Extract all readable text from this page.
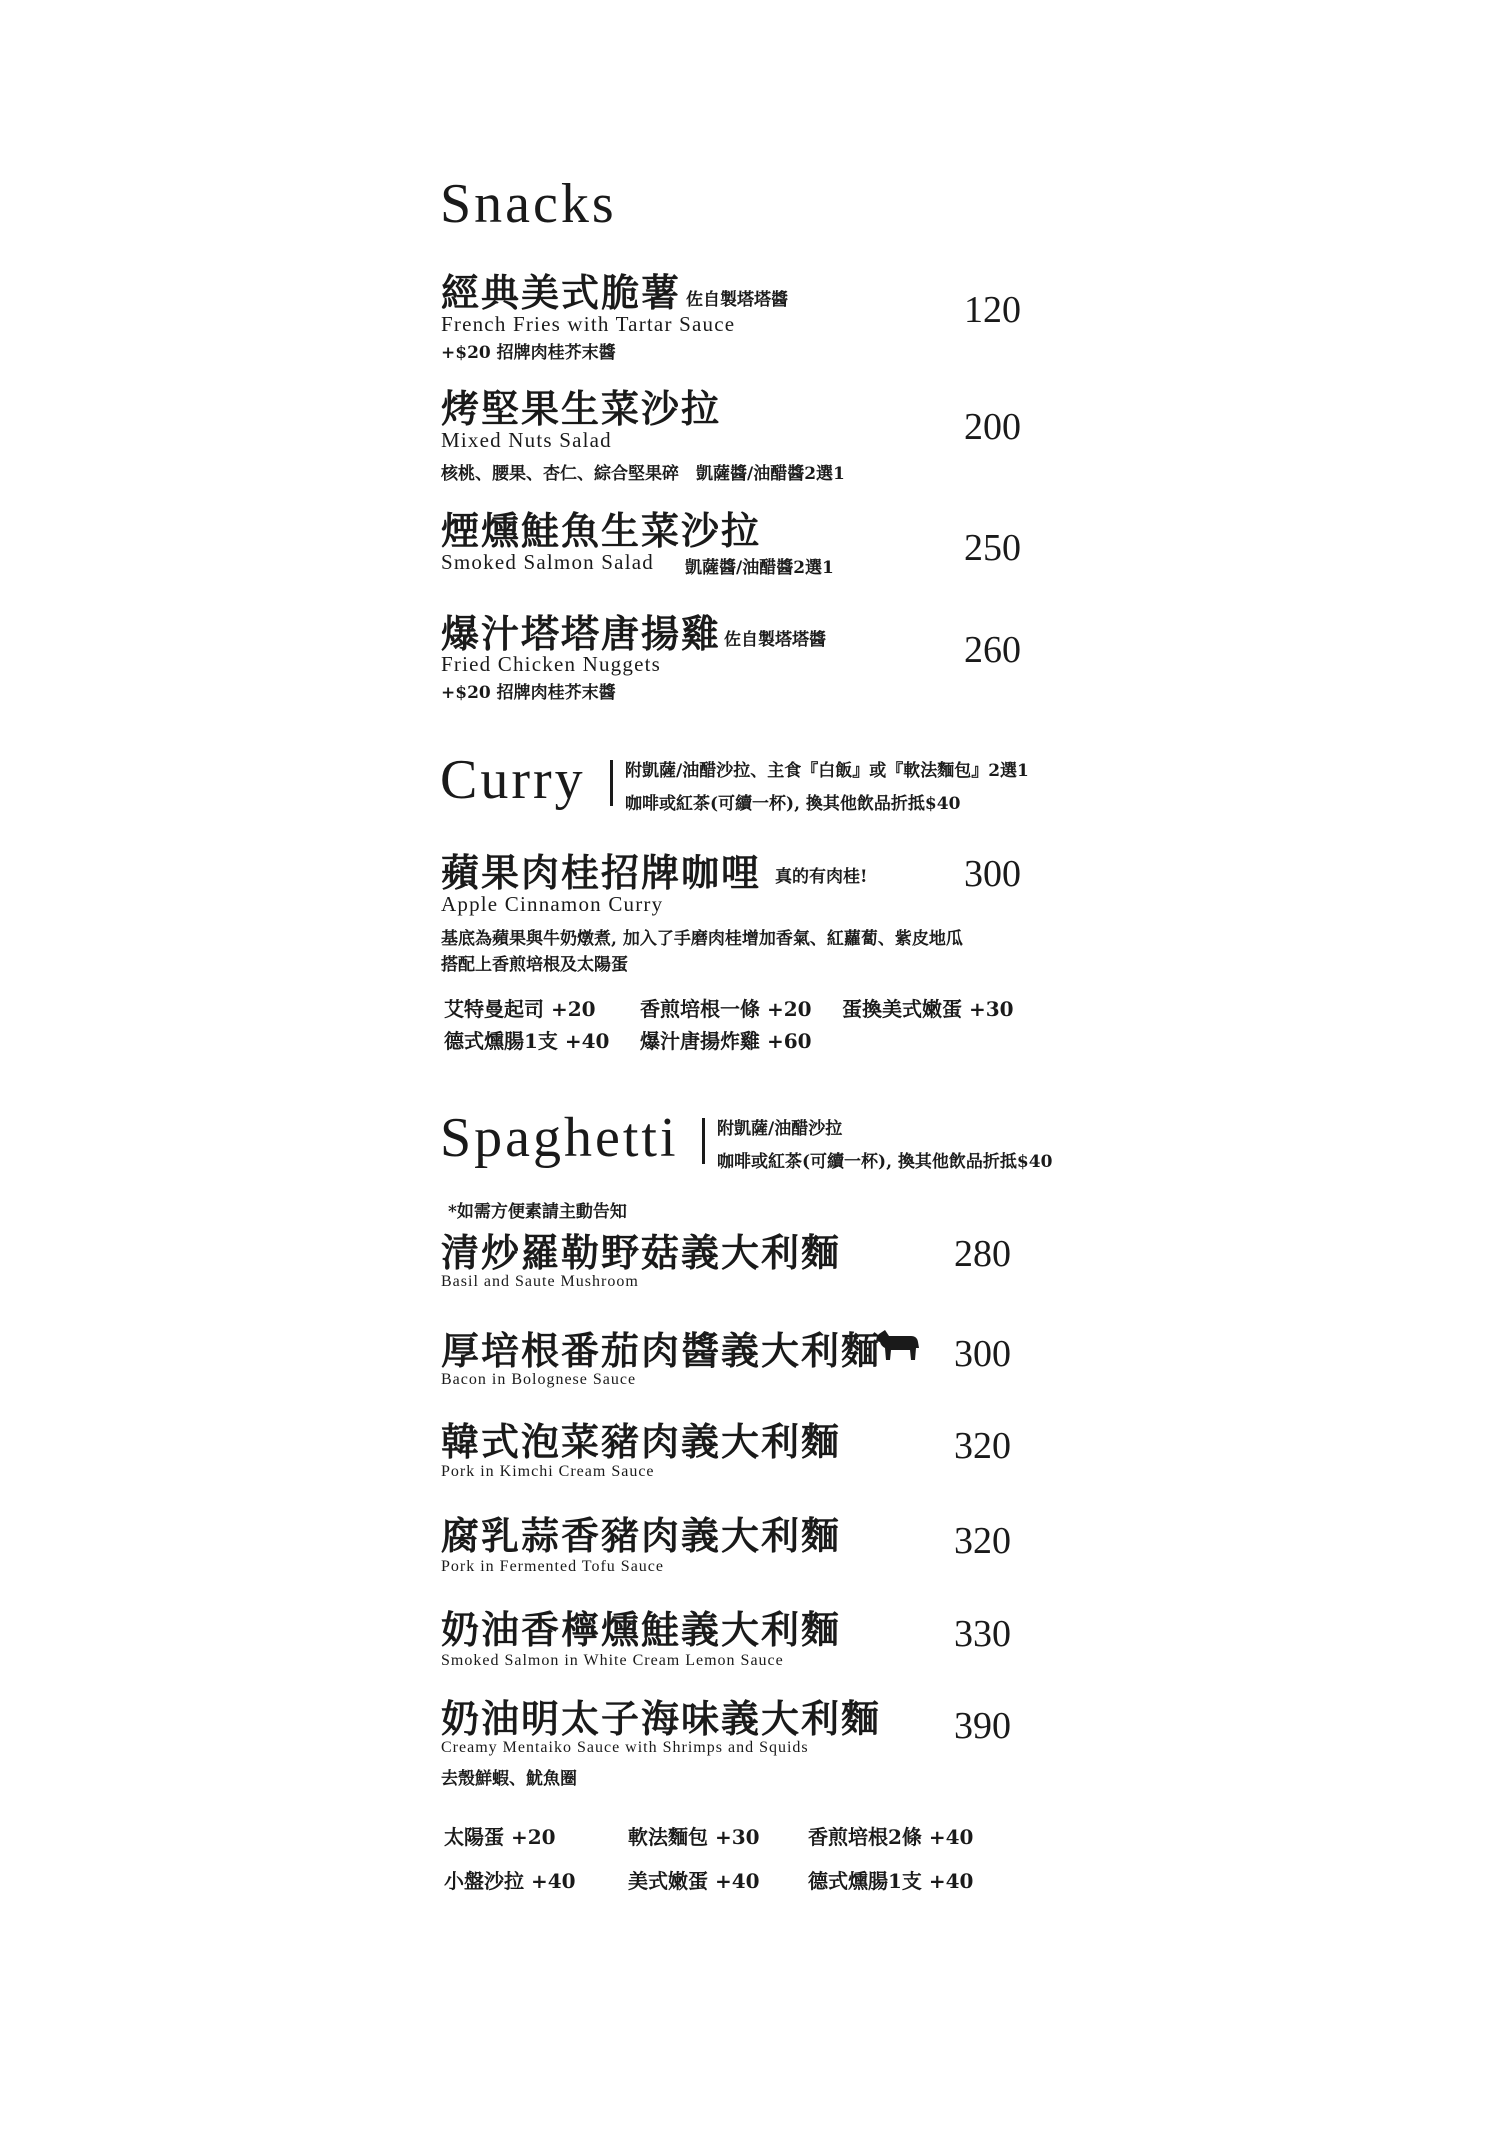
Snacks
經典美式脆薯 佐自製塔塔醬
French Fries with Tartar Sauce
+$20 招牌肉桂芥末醬
120
烤堅果生菜沙拉
Mixed Nuts Salad
核桃、腰果、杏仁、綜合堅果碎　凱薩醬/油醋醬2選1
200
煙燻鮭魚生菜沙拉
Smoked Salmon Salad 凱薩醬/油醋醬2選1	250
爆汁塔塔唐揚雞 佐自製塔塔醬
Fried Chicken Nuggets
+$20 招牌肉桂芥末醬
260
Curry 附凱薩/油醋沙拉、主食『白飯』或『軟法麵包』2選1
咖啡或紅茶(可續一杯), 換其他飲品折抵$40
蘋果肉桂招牌咖哩 真的有肉桂!
Apple Cinnamon Curry
300
基底為蘋果與牛奶燉煮, 加入了手磨肉桂增加香氣、紅蘿蔔、紫皮地瓜
搭配上香煎培根及太陽蛋
艾特曼起司 +20 香煎培根一條 +20 蛋換美式嫩蛋 +30
德式燻腸1支 +40 爆汁唐揚炸雞 +60
Spaghetti 附凱薩/油醋沙拉
咖啡或紅茶(可續一杯), 換其他飲品折抵$40
*如需方便素請主動告知
清炒羅勒野菇義大利麵
Basil and Saute Mushroom
280
厚培根番茄肉醬義大利麵
Bacon in Bolognese Sauce
300
韓式泡菜豬肉義大利麵
Pork in Kimchi Cream Sauce
320
腐乳蒜香豬肉義大利麵
Pork in Fermented Tofu Sauce
320
奶油香檸燻鮭義大利麵
Smoked Salmon in White Cream Lemon Sauce
330
奶油明太子海味義大利麵
Creamy Mentaiko Sauce with Shrimps and Squids
去殼鮮蝦、魷魚圈
390
太陽蛋 +20	軟法麵包 +30 香煎培根2條 +40
小盤沙拉 +40	美式嫩蛋 +40 德式燻腸1支 +40
